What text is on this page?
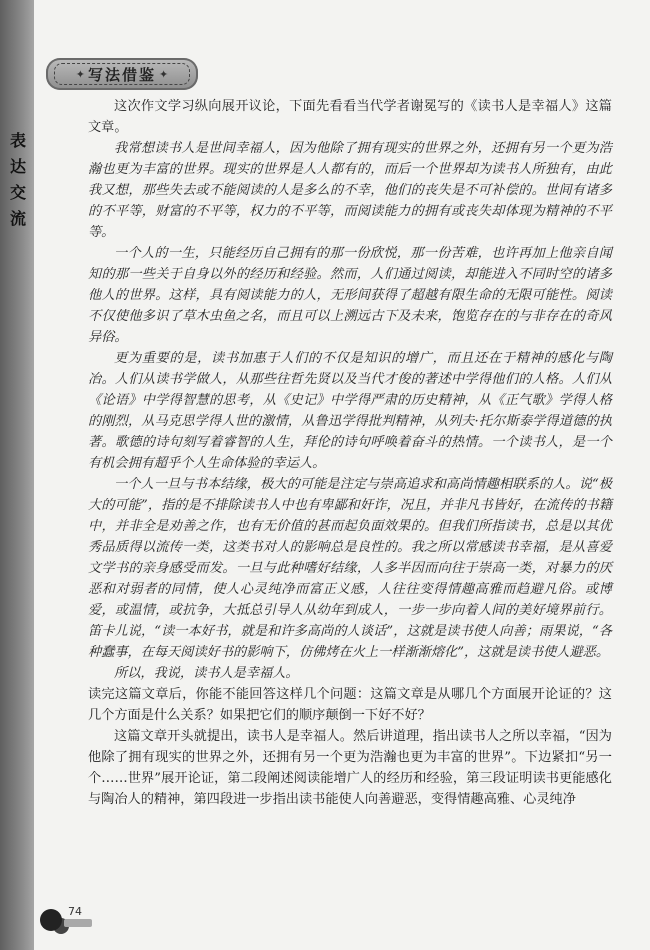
表达交流
✦ 写法借鉴 ✦

这次作文学习纵向展开议论，下面先看看当代学者谢冕写的《读书人是幸福人》这篇文章。

我常想读书人是世间幸福人，因为他除了拥有现实的世界之外，还拥有另一个更为浩瀚也更为丰富的世界。现实的世界是人人都有的，而后一个世界却为读书人所独有，由此我又想，那些失去或不能阅读的人是多么的不幸，他们的丧失是不可补偿的。世间有诸多的不平等，财富的不平等，权力的不平等，而阅读能力的拥有或丧失却体现为精神的不平等。

一个人的一生，只能经历自己拥有的那一份欣悦，那一份苦难，也许再加上他亲自闻知的那一些关于自身以外的经历和经验。然而，人们通过阅读，却能进入不同时空的诸多他人的世界。这样，具有阅读能力的人，无形间获得了超越有限生命的无限可能性。阅读不仅使他多识了草木虫鱼之名，而且可以上溯远古下及未来，饱览存在的与非存在的奇风异俗。

更为重要的是，读书加惠于人们的不仅是知识的增广，而且还在于精神的感化与陶冶。人们从读书学做人，从那些往哲先贤以及当代才俊的著述中学得他们的人格。人们从《论语》中学得智慧的思考，从《史记》中学得严肃的历史精神，从《正气歌》学得人格的刚烈，从马克思学得人世的激情，从鲁迅学得批判精神，从列夫·托尔斯泰学得道德的执著。歌德的诗句刻写着睿智的人生，拜伦的诗句呼唤着奋斗的热情。一个读书人，是一个有机会拥有超乎个人生命体验的幸运人。

一个人一旦与书本结缘，极大的可能是注定与崇高追求和高尚情趣相联系的人。说“极大的可能”，指的是不排除读书人中也有卑鄙和奸诈，况且，并非凡书皆好，在流传的书籍中，并非全是劝善之作，也有无价值的甚而起负面效果的。但我们所指读书，总是以其优秀品质得以流传一类，这类书对人的影响总是良性的。我之所以常感读书幸福，是从喜爱文学书的亲身感受而发。一旦与此种嗜好结缘，人多半因而向往于崇高一类，对暴力的厌恶和对弱者的同情，使人心灵纯净而富正义感，人往往变得情趣高雅而趋避凡俗。或博爱，或温情，或抗争，大抵总引导人从幼年到成人，一步一步向着人间的美好境界前行。笛卡儿说，“读一本好书，就是和许多高尚的人谈话”，这就是读书使人向善；雨果说，“各种蠢事，在每天阅读好书的影响下，仿佛烤在火上一样渐渐熔化”，这就是读书使人避恶。

所以，我说，读书人是幸福人。

读完这篇文章后，你能不能回答这样几个问题：这篇文章是从哪几个方面展开论证的？这几个方面是什么关系？如果把它们的顺序颠倒一下好不好？

这篇文章开头就提出，读书人是幸福人。然后讲道理，指出读书人之所以幸福，“因为他除了拥有现实的世界之外，还拥有另一个更为浩瀚也更为丰富的世界”。下边紧扣“另一个……世界”展开论证，第二段阐述阅读能增广人的经历和经验，第三段证明读书更能感化与陶冶人的精神，第四段进一步指出读书能使人向善避恶，变得情趣高雅、心灵纯净

74
